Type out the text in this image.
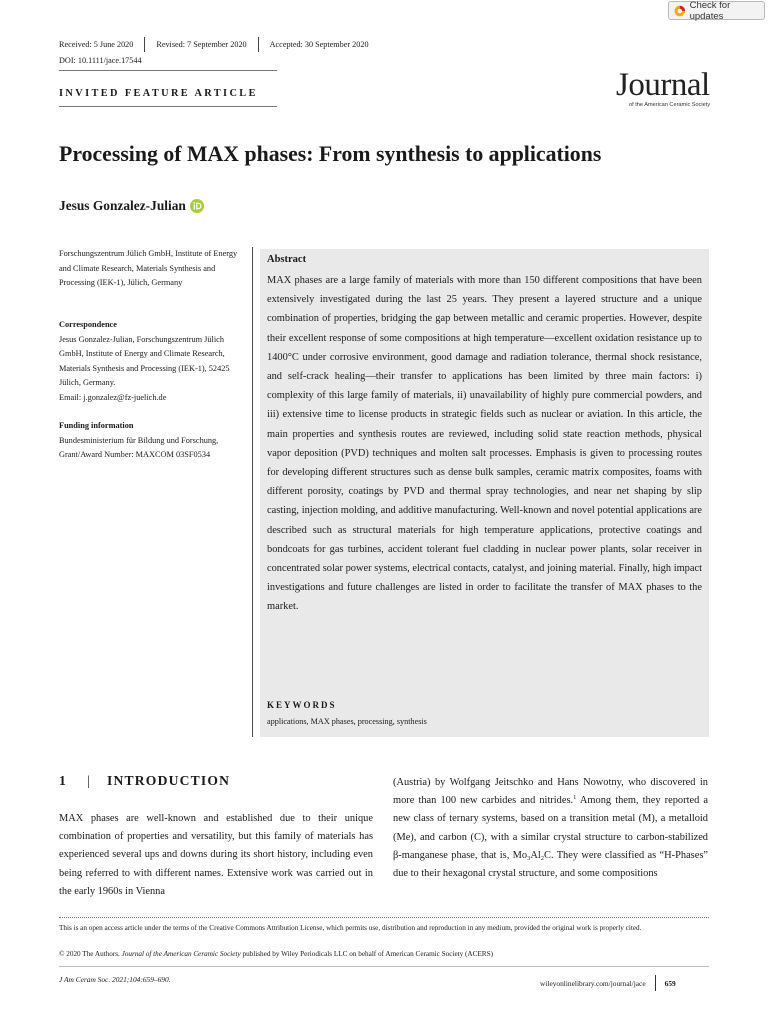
Check for updates
Received: 5 June 2020	Revised: 7 September 2020	Accepted: 30 September 2020
DOI: 10.1111/jace.17544
INVITED FEATURE ARTICLE	Journal
of the American Ceramic Society
Processing of MAX phases: From synthesis to applications
Jesus Gonzalez-Julian
Forschungszentrum Jülich GmbH, Institute of Energy and Climate Research, Materials Synthesis and Processing (IEK-1), Jülich, Germany
Correspondence
Jesus Gonzalez-Julian, Forschungszentrum Jülich GmbH, Institute of Energy and Climate Research, Materials Synthesis and Processing (IEK-1), 52425 Jülich, Germany.
Email: j.gonzalez@fz-juelich.de
Funding information
Bundesministerium für Bildung und Forschung, Grant/Award Number: MAXCOM 03SF0534
Abstract
MAX phases are a large family of materials with more than 150 different compositions that have been extensively investigated during the last 25 years. They present a layered structure and a unique combination of properties, bridging the gap between metallic and ceramic properties. However, despite their excellent response of some compositions at high temperature—excellent oxidation resistance up to 1400°C under corrosive environment, good damage and radiation tolerance, thermal shock resistance, and self-crack healing—their transfer to applications has been limited by three main factors: i) complexity of this large family of materials, ii) unavailability of highly pure commercial powders, and iii) extensive time to license products in strategic fields such as nuclear or aviation. In this article, the main properties and synthesis routes are reviewed, including solid state reaction methods, physical vapor deposition (PVD) techniques and molten salt processes. Emphasis is given to processing routes for developing different structures such as dense bulk samples, ceramic matrix composites, foams with different porosity, coatings by PVD and thermal spray technologies, and near net shaping by slip casting, injection molding, and additive manufacturing. Well-known and novel potential applications are described such as structural materials for high temperature applications, protective coatings and bondcoats for gas turbines, accident tolerant fuel cladding in nuclear power plants, solar receiver in concentrated solar power systems, electrical contacts, catalyst, and joining material. Finally, high impact investigations and future challenges are listed in order to facilitate the transfer of MAX phases to the market.
KEYWORDS
applications, MAX phases, processing, synthesis
1	|	INTRODUCTION
MAX phases are well-known and established due to their unique combination of properties and versatility, but this family of materials has experienced several ups and downs during its short history, including even being referred to with different names. Extensive work was carried out in the early 1960s in Vienna
(Austria) by Wolfgang Jeitschko and Hans Nowotny, who discovered in more than 100 new carbides and nitrides.$^1$ Among them, they reported a new class of ternary systems, based on a transition metal (M), a metalloid (Me), and carbon (C), with a similar crystal structure to carbon-stabilized β-manganese phase, that is, $Mo_3Al_2C$. They were classified as “H-Phases” due to their hexagonal crystal structure, and some compositions
This is an open access article under the terms of the Creative Commons Attribution License, which permits use, distribution and reproduction in any medium, provided the original work is properly cited.
© 2020 The Authors. Journal of the American Ceramic Society published by Wiley Periodicals LLC on behalf of American Ceramic Society (ACERS)
J Am Ceram Soc. 2021;104:659–690.	wileyonlinelibrary.com/journal/jace	659
